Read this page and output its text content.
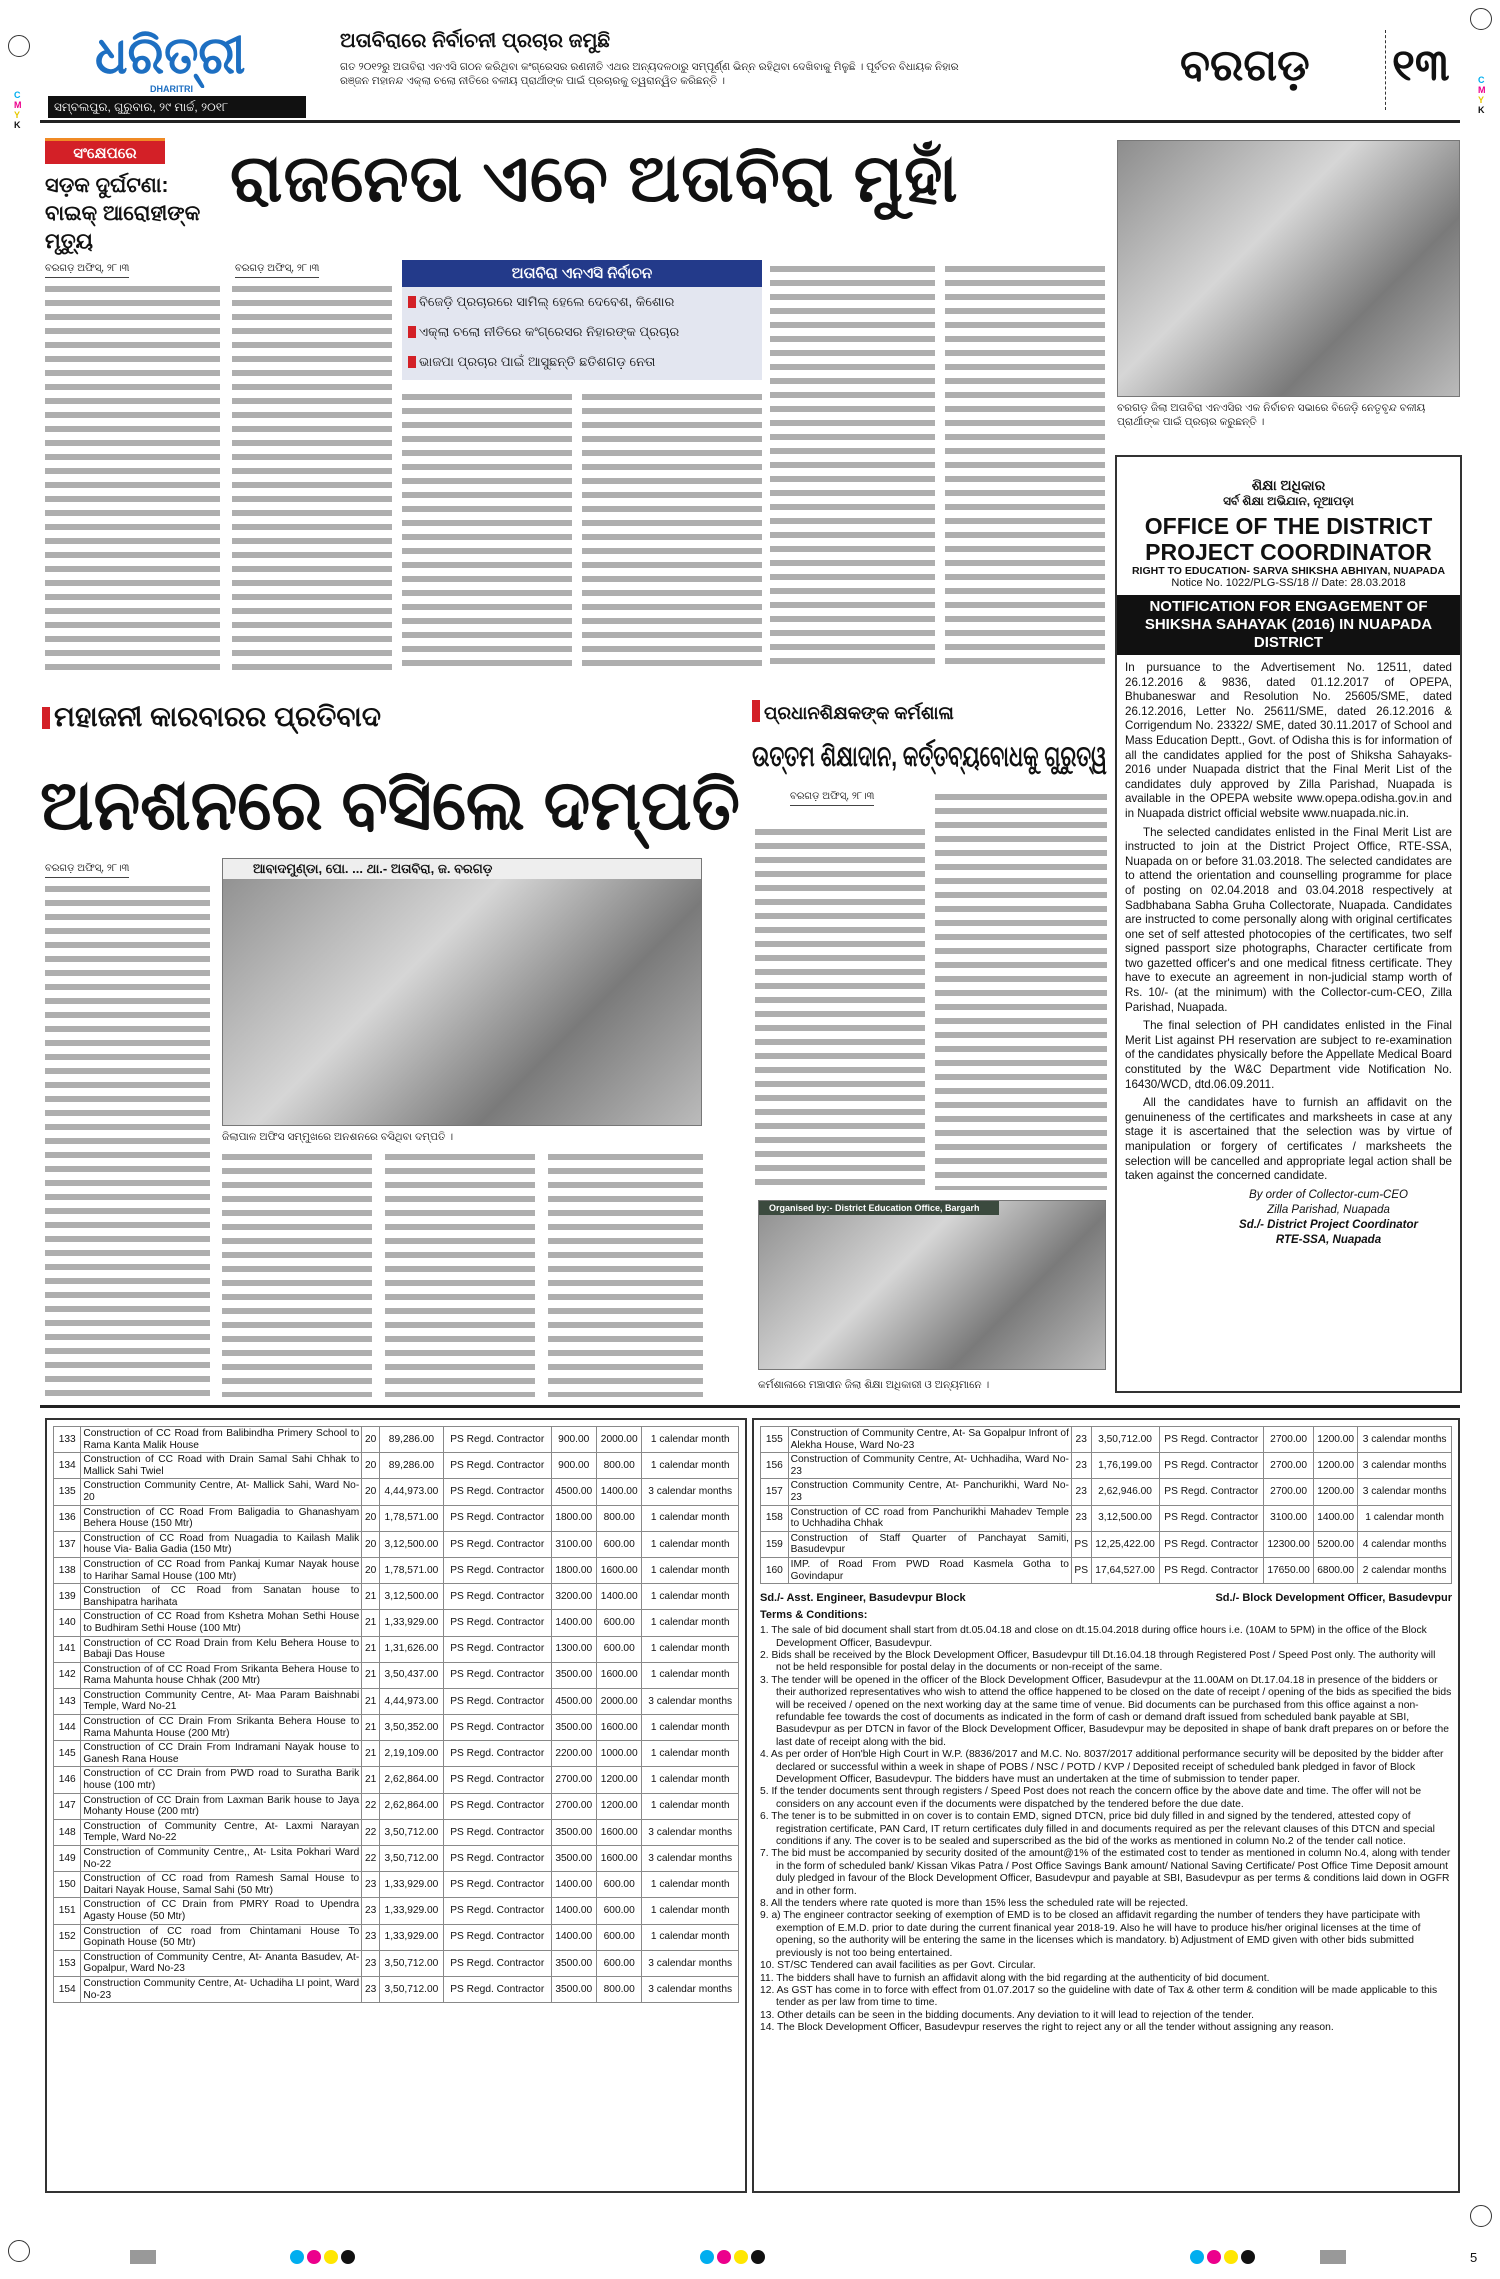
ଧରିତ୍ରୀ
DHARITRI
ସମ୍ବଲପୁର, ଗୁରୁବାର, ୨୯ ମାର୍ଚ୍ଚ, ୨୦୧୮
ଅତାବିରାରେ ନିର୍ବାଚନୀ ପ୍ରଚାର ଜମୁଛି
ଗତ ୨୦୧୨ରୁ ଅତାବିରା ଏନଏସି ଗଠନ କରିଥିବା କଂଗ୍ରେସର ରଣନୀତି ଏଥର ଅନ୍ୟଦଳଠାରୁ ସମ୍ପୂର୍ଣ୍ଣ ଭିନ୍ନ ରହିଥିବା ଦେଖିବାକୁ ମିଳୁଛି । ପୂର୍ବତନ ବିଧାୟକ ନିହାର ରଞ୍ଜନ ମହାନନ୍ଦ ଏକ୍ଲା ଚଲୋ ନୀତିରେ ବଳୀୟ ପ୍ରାର୍ଥୀଙ୍କ ପାଇଁ ପ୍ରଚାରକୁ ତ୍ୱରାନ୍ୱିତ କରିଛନ୍ତି ।	ବରଗଡ଼	୧୩
ସଂକ୍ଷେପରେ
ସଡ଼କ ଦୁର୍ଘଟଣା: ବାଇକ୍ ଆରୋହୀଙ୍କ ମୃତ୍ୟୁ
ବରଗଡ଼ ଅଫିସ୍, ୨୮।୩
ରାଜନେତା ଏବେ ଅତାବିରା ମୁହାଁ
ବରଗଡ଼ ଅଫିସ୍, ୨୮।୩	ଅତାବିରା ଏନଏସି ନିର୍ବାଚନ
ବିଜେଡ଼ି ପ୍ରଚାରରେ ସାମିଲ୍ ହେଲେ ଦେବେଶ, କିଶୋର
ଏକ୍ଲା ଚଲୋ ନୀତିରେ କଂଗ୍ରେସର ନିହାରଙ୍କ ପ୍ରଚାର
ଭାଜପା ପ୍ରଚାର ପାଇଁ ଆସୁଛନ୍ତି ଛତିଶଗଡ଼ ନେତା
ବରଗଡ଼ ଜିଲା ଅତାବିରା ଏନଏସିର ଏକ ନିର୍ବାଚନ ସଭାରେ ବିଜେଡ଼ି ନେତୃବୃନ୍ଦ ବଳୀୟ ପ୍ରାର୍ଥୀଙ୍କ ପାଇଁ ପ୍ରଚାର କରୁଛନ୍ତି ।
ଶିକ୍ଷା ଅଧିକାର
ସର୍ବ ଶିକ୍ଷା ଅଭିଯାନ, ନୂଆପଡ଼ା
OFFICE OF THE DISTRICT PROJECT COORDINATOR
RIGHT TO EDUCATION- SARVA SHIKSHA ABHIYAN, NUAPADA
Notice No. 1022/PLG-SS/18 // Date: 28.03.2018
NOTIFICATION FOR ENGAGEMENT OF SHIKSHA SAHAYAK (2016) IN NUAPADA DISTRICT

In pursuance to the Advertisement No. 12511, dated 26.12.2016 & 9836, dated 01.12.2017 of OPEPA, Bhubaneswar and Resolution No. 25605/SME, dated 26.12.2016, Letter No. 25611/SME, dated 26.12.2016 & Corrigendum No. 23322/ SME, dated 30.11.2017 of School and Mass Education Deptt., Govt. of Odisha this is for information of all the candidates applied for the post of Shiksha Sahayaks-2016 under Nuapada district that the Final Merit List of the candidates duly approved by Zilla Parishad, Nuapada is available in the OPEPA website www.opepa.odisha.gov.in and in Nuapada district official website www.nuapada.nic.in.

The selected candidates enlisted in the Final Merit List are instructed to join at the District Project Office, RTE-SSA, Nuapada on or before 31.03.2018. The selected candidates are to attend the orientation and counselling programme for place of posting on 02.04.2018 and 03.04.2018 respectively at Sadbhabana Sabha Gruha Collectorate, Nuapada. Candidates are instructed to come personally along with original certificates one set of self attested photocopies of the certificates, two self signed passport size photographs, Character certificate from two gazetted officer's and one medical fitness certificate. They have to execute an agreement in non-judicial stamp worth of Rs. 10/- (at the minimum) with the Collector-cum-CEO, Zilla Parishad, Nuapada.

The final selection of PH candidates enlisted in the Final Merit List against PH reservation are subject to re-examination of the candidates physically before the Appellate Medical Board constituted by the W&C Department vide Notification No. 16430/WCD, dtd.06.09.2011.

All the candidates have to furnish an affidavit on the genuineness of the certificates and marksheets in case at any stage it is ascertained that the selection was by virtue of manipulation or forgery of certificates / marksheets the selection will be cancelled and appropriate legal action shall be taken against the concerned candidate.

By order of Collector-cum-CEO
Zilla Parishad, Nuapada
Sd./- District Project Coordinator
RTE-SSA, Nuapada
ମହାଜନୀ କାରବାରର ପ୍ରତିବାଦ
ଅନଶନରେ ବସିଲେ ଦମ୍ପତି
ବରଗଡ଼ ଅଫିସ୍, ୨୮।୩	ଆବାଦମୁଣ୍ଡା, ପୋ. ... ଥା.- ଅତାବିରା, ଜ. ବରଗଡ଼
ଜିଲାପାଳ ଅଫିସ ସମ୍ମୁଖରେ ଅନଶନରେ ବସିଥିବା ଦମ୍ପତି ।
ପ୍ରଧାନଶିକ୍ଷକଙ୍କ କର୍ମଶାଳା
ଉତ୍ତମ ଶିକ୍ଷାଦାନ, କର୍ତ୍ତବ୍ୟବୋଧକୁ ଗୁରୁତ୍ୱ
ବରଗଡ଼ ଅଫିସ୍, ୨୮।୩
Organised by:- District Education Office, Bargarh
କର୍ମଶାଳାରେ ମଞ୍ଚାସୀନ ଜିଲା ଶିକ୍ଷା ଅଧିକାରୀ ଓ ଅନ୍ୟମାନେ ।
133	Construction of CC Road from Balibindha Primery School to Rama Kanta Malik House	20	89,286.00	PS Regd. Contractor	900.00	2000.00	1 calendar month
134	Construction of CC Road with Drain Samal Sahi Chhak to Mallick Sahi Twiel	20	89,286.00	PS Regd. Contractor	900.00	800.00	1 calendar month
135	Construction Community Centre, At- Mallick Sahi, Ward No-20	20	4,44,973.00	PS Regd. Contractor	4500.00	1400.00	3 calendar months
136	Construction of CC Road From Baligadia to Ghanashyam Behera House (150 Mtr)	20	1,78,571.00	PS Regd. Contractor	1800.00	800.00	1 calendar month
137	Construction of CC Road from Nuagadia to Kailash Malik house Via- Balia Gadia (150 Mtr)	20	3,12,500.00	PS Regd. Contractor	3100.00	600.00	1 calendar month
138	Construction of CC Road from Pankaj Kumar Nayak house to Harihar Samal House (100 Mtr)	20	1,78,571.00	PS Regd. Contractor	1800.00	1600.00	1 calendar month
139	Construction of CC Road from Sanatan house to Banshipatra harihata	21	3,12,500.00	PS Regd. Contractor	3200.00	1400.00	1 calendar month
140	Construction of CC Road from Kshetra Mohan Sethi House to Budhiram Sethi House (100 Mtr)	21	1,33,929.00	PS Regd. Contractor	1400.00	600.00	1 calendar month
141	Construction of CC Road Drain from Kelu Behera House to Babaji Das House	21	1,31,626.00	PS Regd. Contractor	1300.00	600.00	1 calendar month
142	Construction of of CC Road From Srikanta Behera House to Rama Mahunta house Chhak (200 Mtr)	21	3,50,437.00	PS Regd. Contractor	3500.00	1600.00	1 calendar month
143	Construction Community Centre, At- Maa Param Baishnabi Temple, Ward No-21	21	4,44,973.00	PS Regd. Contractor	4500.00	2000.00	3 calendar months
144	Construction of CC Drain From Srikanta Behera House to Rama Mahunta House (200 Mtr)	21	3,50,352.00	PS Regd. Contractor	3500.00	1600.00	1 calendar month
145	Construction of CC Drain From Indramani Nayak house to Ganesh Rana House	21	2,19,109.00	PS Regd. Contractor	2200.00	1000.00	1 calendar month
146	Construction of CC Drain from PWD road to Suratha Barik house (100 mtr)	21	2,62,864.00	PS Regd. Contractor	2700.00	1200.00	1 calendar month
147	Construction of CC Drain from Laxman Barik house to Jaya Mohanty House (200 mtr)	22	2,62,864.00	PS Regd. Contractor	2700.00	1200.00	1 calendar month
148	Construction of Community Centre, At- Laxmi Narayan Temple, Ward No-22	22	3,50,712.00	PS Regd. Contractor	3500.00	1600.00	3 calendar months
149	Construction of Community Centre,, At- Lsita Pokhari Ward No-22	22	3,50,712.00	PS Regd. Contractor	3500.00	1600.00	3 calendar months
150	Construction of CC road from Ramesh Samal House to Daitari Nayak House, Samal Sahi (50 Mtr)	23	1,33,929.00	PS Regd. Contractor	1400.00	600.00	1 calendar month
151	Construction of CC Drain from PMRY Road to Upendra Agasty House (50 Mtr)	23	1,33,929.00	PS Regd. Contractor	1400.00	600.00	1 calendar month
152	Construction of CC road from Chintamani House To Gopinath House (50 Mtr)	23	1,33,929.00	PS Regd. Contractor	1400.00	600.00	1 calendar month
153	Construction of Community Centre, At- Ananta Basudev, At- Gopalpur, Ward No-23	23	3,50,712.00	PS Regd. Contractor	3500.00	600.00	3 calendar months
154	Construction Community Centre, At- Uchadiha LI point, Ward No-23	23	3,50,712.00	PS Regd. Contractor	3500.00	800.00	3 calendar months
155	Construction of Community Centre, At- Sa Gopalpur Infront of Alekha House, Ward No-23	23	3,50,712.00	PS Regd. Contractor	2700.00	1200.00	3 calendar months
156	Construction of Community Centre, At- Uchhadiha, Ward No-23	23	1,76,199.00	PS Regd. Contractor	2700.00	1200.00	3 calendar months
157	Construction Community Centre, At- Panchurikhi, Ward No-23	23	2,62,946.00	PS Regd. Contractor	2700.00	1200.00	3 calendar months
158	Construction of CC road from Panchurikhi Mahadev Temple to Uchhadiha Chhak	23	3,12,500.00	PS Regd. Contractor	3100.00	1400.00	1 calendar month
159	Construction of Staff Quarter of Panchayat Samiti, Basudevpur	PS	12,25,422.00	PS Regd. Contractor	12300.00	5200.00	4 calendar months
160	IMP. of Road From PWD Road Kasmela Gotha to Govindapur	PS	17,64,527.00	PS Regd. Contractor	17650.00	6800.00	2 calendar months
Sd./- Asst. Engineer, Basudevpur Block	Sd./- Block Development Officer, Basudevpur
Terms & Conditions:
1. The sale of bid document shall start from dt.05.04.18 and close on dt.15.04.2018 during office hours i.e. (10AM to 5PM) in the office of the Block Development Officer, Basudevpur.
2. Bids shall be received by the Block Development Officer, Basudevpur till Dt.16.04.18 through Registered Post / Speed Post only. The authority will not be held responsible for postal delay in the documents or non-receipt of the same.
3. The tender will be opened in the officer of the Block Development Officer, Basudevpur at the 11.00AM on Dt.17.04.18 in presence of the bidders or their authorized representatives who wish to attend the office happened to be closed on the date of receipt / opening of the bids as specified the bids will be received / opened on the next working day at the same time of venue. Bid documents can be purchased from this office against a non-refundable fee towards the cost of documents as indicated in the form of cash or demand draft issued from scheduled bank payable at SBI, Basudevpur as per DTCN in favor of the Block Development Officer, Basudevpur may be deposited in shape of bank draft prepares on or before the last date of receipt along with the bid.
4. As per order of Hon'ble High Court in W.P. (8836/2017 and M.C. No. 8037/2017 additional performance security will be deposited by the bidder after declared or successful within a week in shape of POBS / NSC / POTD / KVP / Deposited receipt of scheduled bank pledged in favor of Block Development Officer, Basudevpur. The bidders have must an undertaken at the time of submission to tender paper.
5. If the tender documents sent through registers / Speed Post does not reach the concern office by the above date and time. The offer will not be considers on any account even if the documents were dispatched by the tendered before the due date.
6. The tener is to be submitted in on cover is to contain EMD, signed DTCN, price bid duly filled in and signed by the tendered, attested copy of registration certificate, PAN Card, IT return certificates duly filled in and documents required as per the relevant clauses of this DTCN and special conditions if any. The cover is to be sealed and superscribed as the bid of the works as mentioned in column No.2 of the tender call notice.
7. The bid must be accompanied by security dosited of the amount@1% of the estimated cost to tender as mentioned in column No.4, along with tender in the form of scheduled bank/ Kissan Vikas Patra / Post Office Savings Bank amount/ National Saving Certificate/ Post Office Time Deposit amount duly pledged in favour of the Block Development Officer, Basudevpur and payable at SBI, Basudevpur as per terms & conditions laid down in OGFR and in other form.
8. All the tenders where rate quoted is more than 15% less the scheduled rate will be rejected.
9. a) The engineer contractor seeking of exemption of EMD is to be closed an affidavit regarding the number of tenders they have participate with exemption of E.M.D. prior to date during the current finanical year 2018-19. Also he will have to produce his/her original licenses at the time of opening, so the authority will be entering the same in the licenses which is mandatory. b) Adjustment of EMD given with other bids submitted previously is not too being entertained.
10. ST/SC Tendered can avail facilities as per Govt. Circular.
11. The bidders shall have to furnish an affidavit along with the bid regarding at the authenticity of bid document.
12. As GST has come in to force with effect from 01.07.2017 so the guideline with date of Tax & other term & condition will be made applicable to this tender as per law from time to time.
13. Other details can be seen in the bidding documents. Any deviation to it will lead to rejection of the tender.
14. The Block Development Officer, Basudevpur reserves the right to reject any or all the tender without assigning any reason.
C
M
Y
K
C
M
Y
K
5
